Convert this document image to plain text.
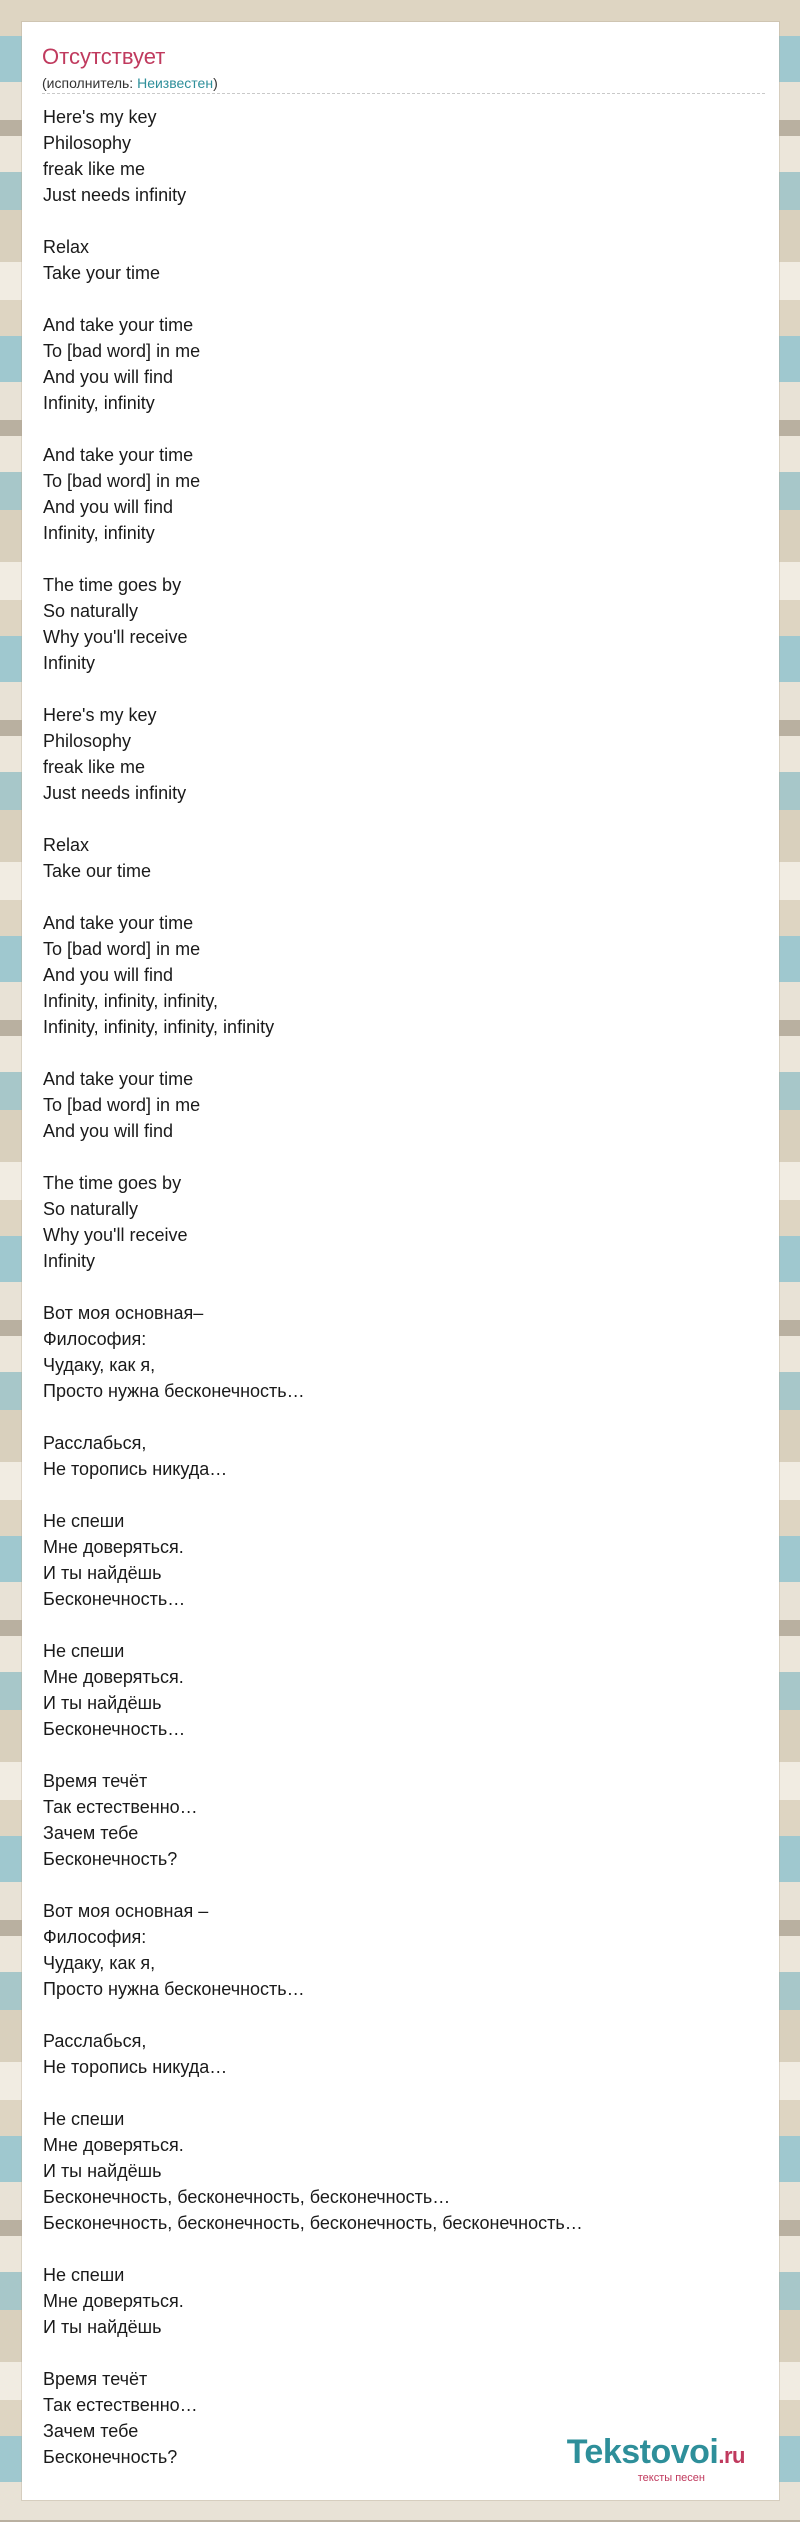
Отсутствует
(исполнитель: Неизвестен)
Here's my key
Philosophy
freak like me
Just needs infinity
Relax
Take your time
And take your time
To [bad word] in me
And you will find
Infinity, infinity
And take your time
To [bad word] in me
And you will find
Infinity, infinity
The time goes by
So naturally
Why you'll receive
Infinity
Here's my key
Philosophy
freak like me
Just needs infinity
Relax
Take our time
And take your time
To [bad word] in me
And you will find
Infinity, infinity, infinity,
Infinity, infinity, infinity, infinity
And take your time
To [bad word] in me
And you will find
The time goes by
So naturally
Why you'll receive
Infinity
Вот моя основная–
Философия:
Чудаку, как я,
Просто нужна бесконечность…
Расслабься,
Не торопись никуда…
Не спеши
Мне доверяться.
И ты найдёшь
Бесконечность…
Не спеши
Мне доверяться.
И ты найдёшь
Бесконечность…
Время течёт
Так естественно…
Зачем тебе
Бесконечность?
Вот моя основная –
Философия:
Чудаку, как я,
Просто нужна бесконечность…
Расслабься,
Не торопись никуда…
Не спеши
Мне доверяться.
И ты найдёшь
Бесконечность, бесконечность, бесконечность…
Бесконечность, бесконечность, бесконечность, бесконечность…
Не спеши
Мне доверяться.
И ты найдёшь
Время течёт
Так естественно…
Зачем тебе
Бесконечность?	Tekstovoi.ru
тексты песен
